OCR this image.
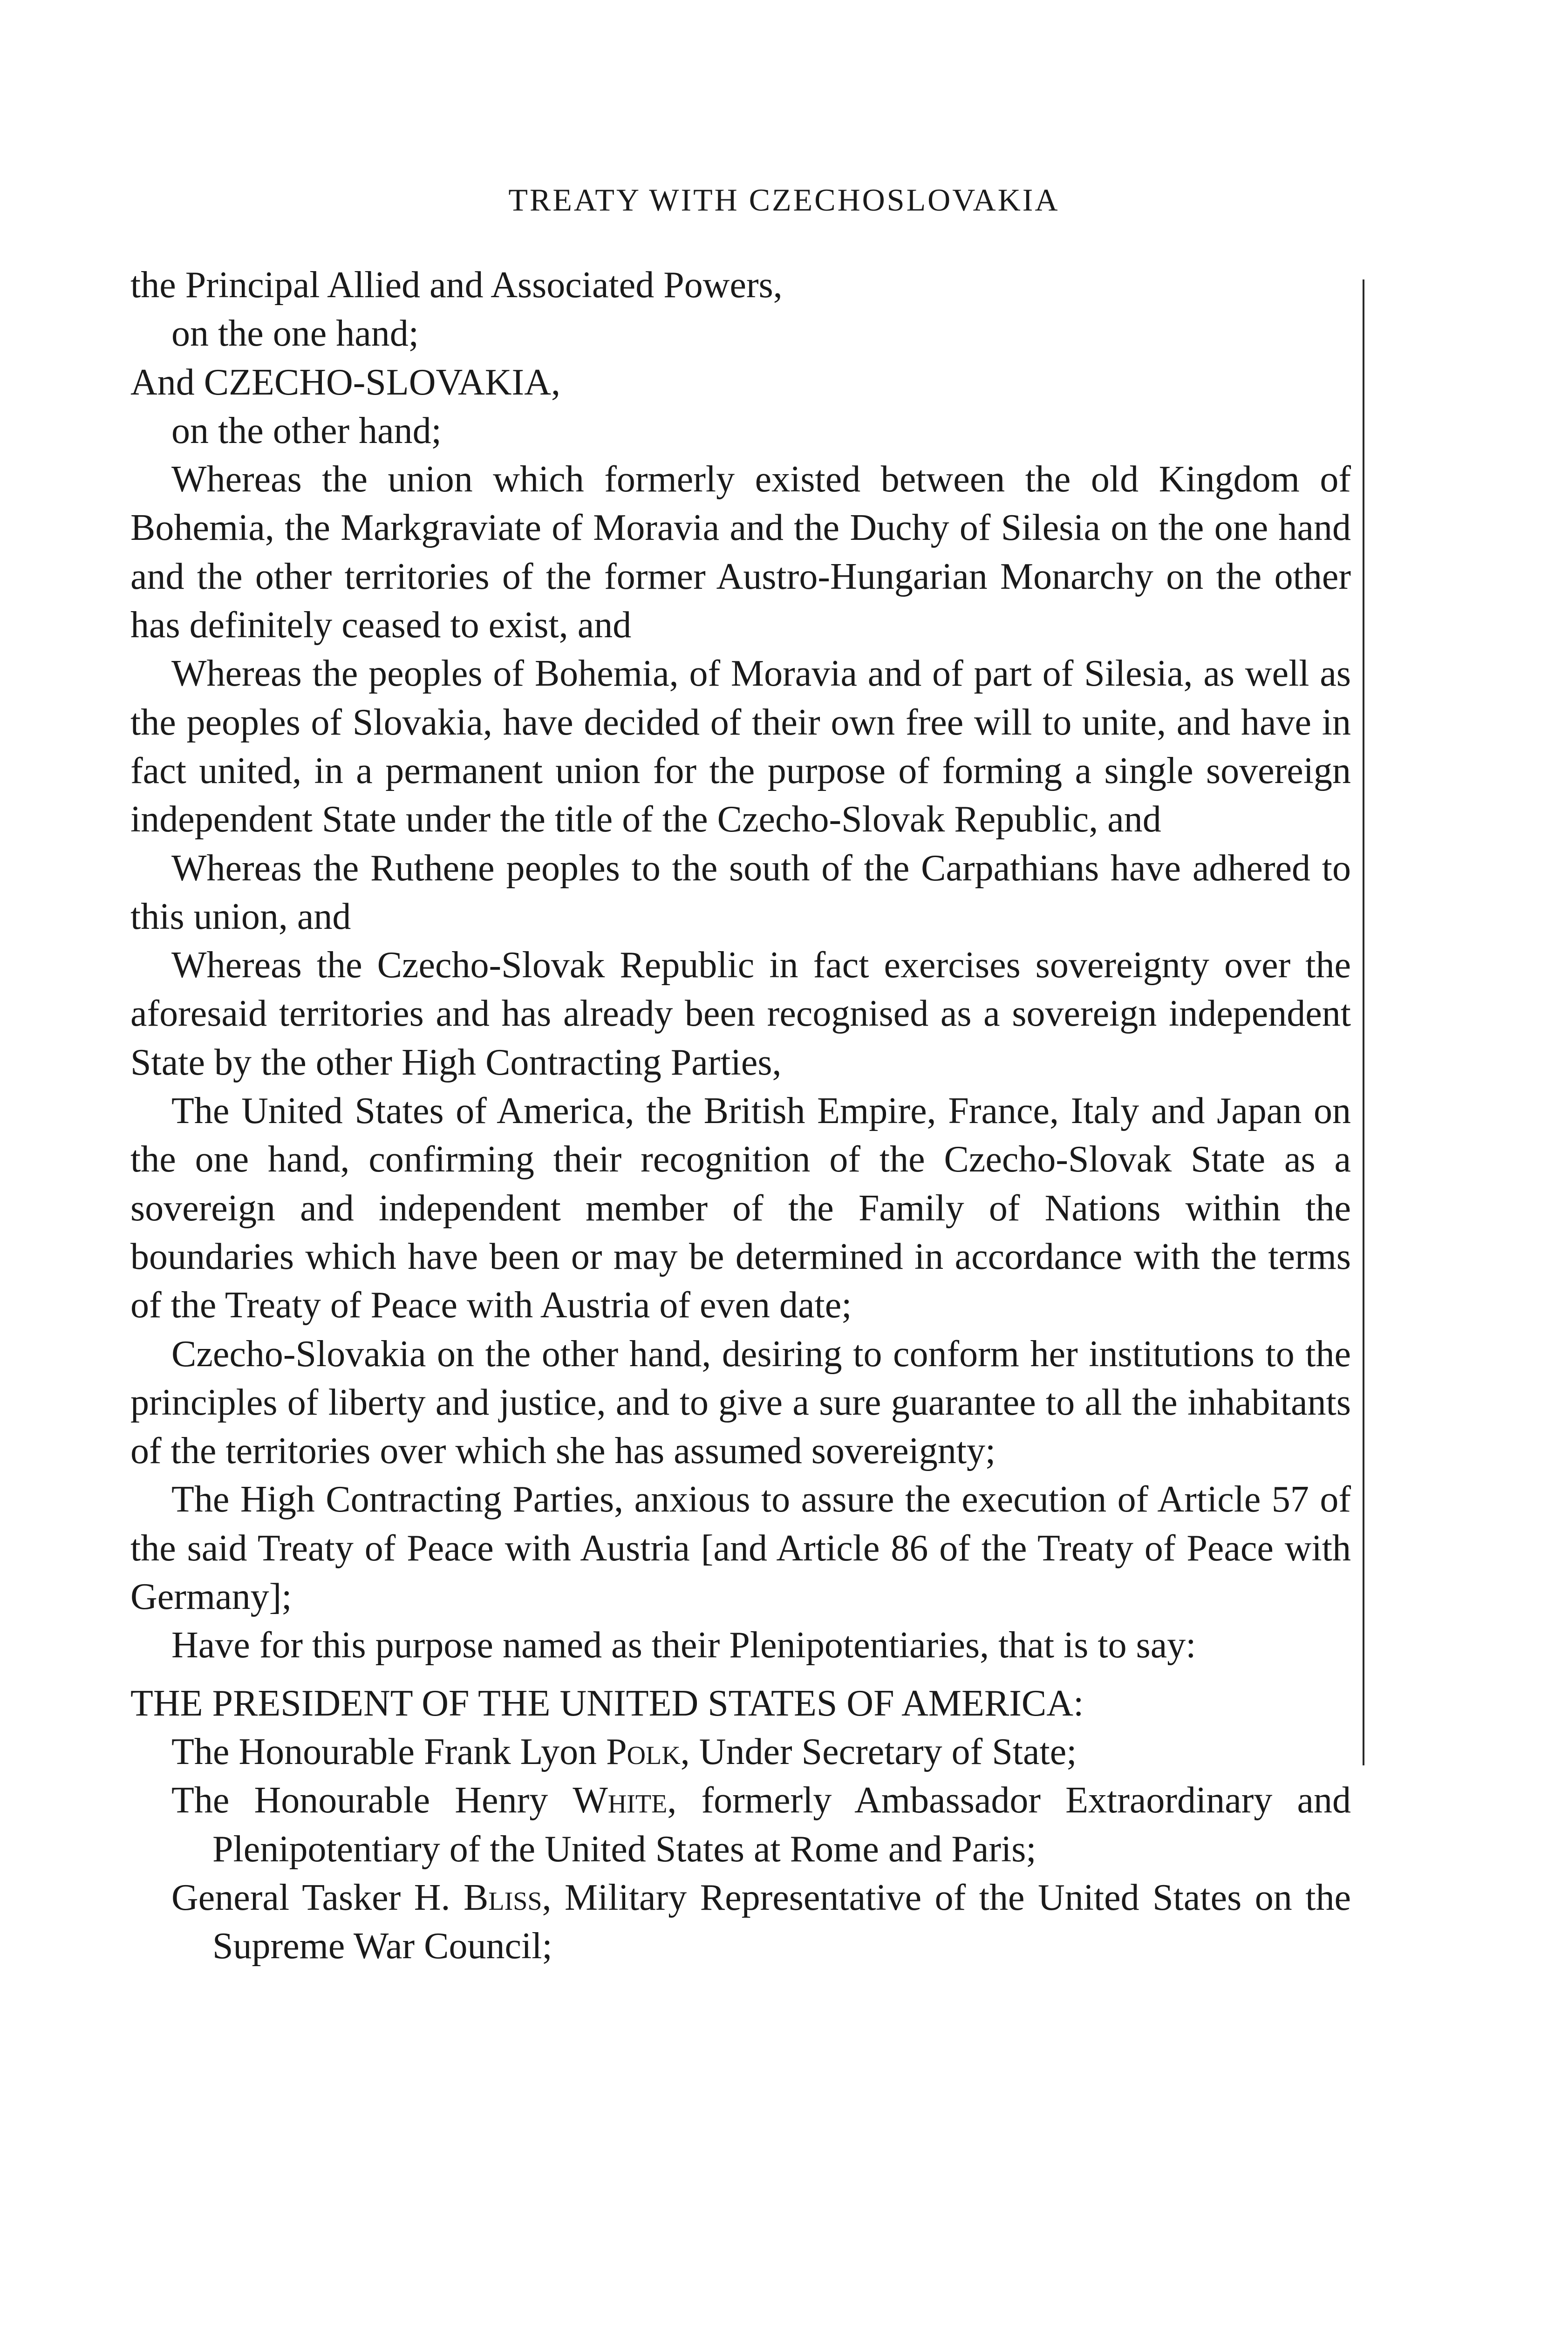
TREATY WITH CZECHOSLOVAKIA

the Principal Allied and Associated Powers,

on the one hand;

And CZECHO-SLOVAKIA,

on the other hand;

Whereas the union which formerly existed between the old Kingdom of Bohemia, the Markgraviate of Moravia and the Duchy of Silesia on the one hand and the other territories of the former Austro-Hungarian Monarchy on the other has definitely ceased to exist, and

Whereas the peoples of Bohemia, of Moravia and of part of Silesia, as well as the peoples of Slovakia, have decided of their own free will to unite, and have in fact united, in a permanent union for the purpose of forming a single sovereign independent State under the title of the Czecho-Slovak Republic, and

Whereas the Ruthene peoples to the south of the Carpathians have adhered to this union, and

Whereas the Czecho-Slovak Republic in fact exercises sovereignty over the aforesaid territories and has already been recognised as a sovereign independent State by the other High Contracting Parties,

The United States of America, the British Empire, France, Italy and Japan on the one hand, confirming their recognition of the Czecho-Slovak State as a sovereign and independent member of the Family of Nations within the boundaries which have been or may be determined in accordance with the terms of the Treaty of Peace with Austria of even date;

Czecho-Slovakia on the other hand, desiring to conform her institutions to the principles of liberty and justice, and to give a sure guarantee to all the inhabitants of the territories over which she has assumed sovereignty;

The High Contracting Parties, anxious to assure the execution of Article 57 of the said Treaty of Peace with Austria [and Article 86 of the Treaty of Peace with Germany];

Have for this purpose named as their Plenipotentiaries, that is to say:

THE PRESIDENT OF THE UNITED STATES OF AMERICA:

The Honourable Frank Lyon Polk, Under Secretary of State;

The Honourable Henry White, formerly Ambassador Extraordinary and Plenipotentiary of the United States at Rome and Paris;

General Tasker H. Bliss, Military Representative of the United States on the Supreme War Council;
